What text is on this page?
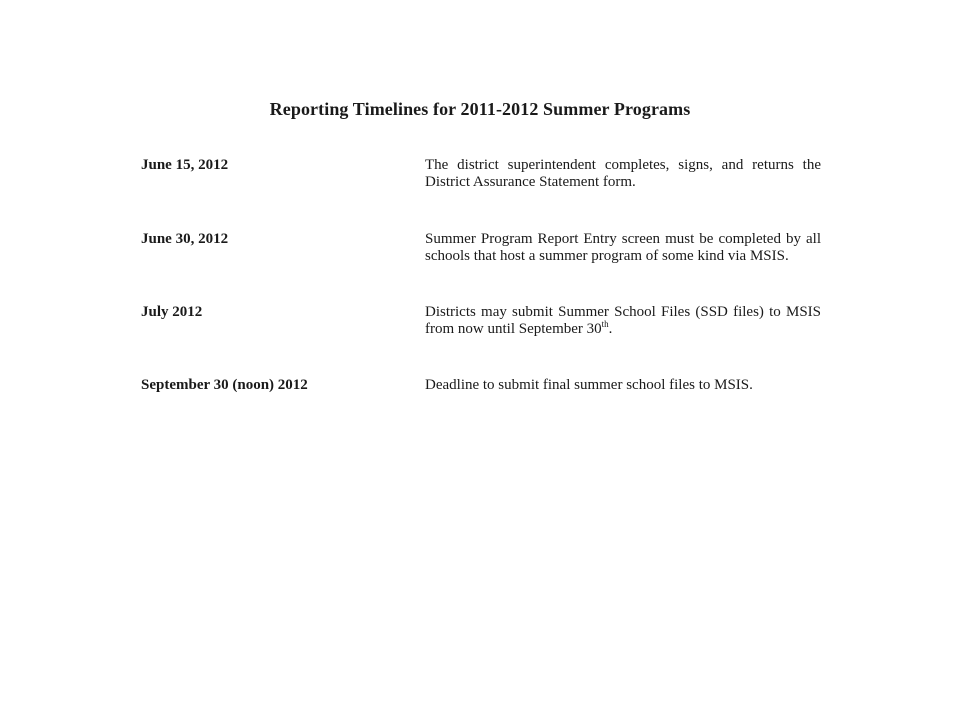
Reporting Timelines for 2011-2012 Summer Programs
June 15, 2012	The district superintendent completes, signs, and returns the District Assurance Statement form.
June 30, 2012	Summer Program Report Entry screen must be completed by all schools that host a summer program of some kind via MSIS.
July 2012	Districts may submit Summer School Files (SSD files) to MSIS from now until September 30th.
September 30 (noon) 2012	Deadline to submit final summer school files to MSIS.
